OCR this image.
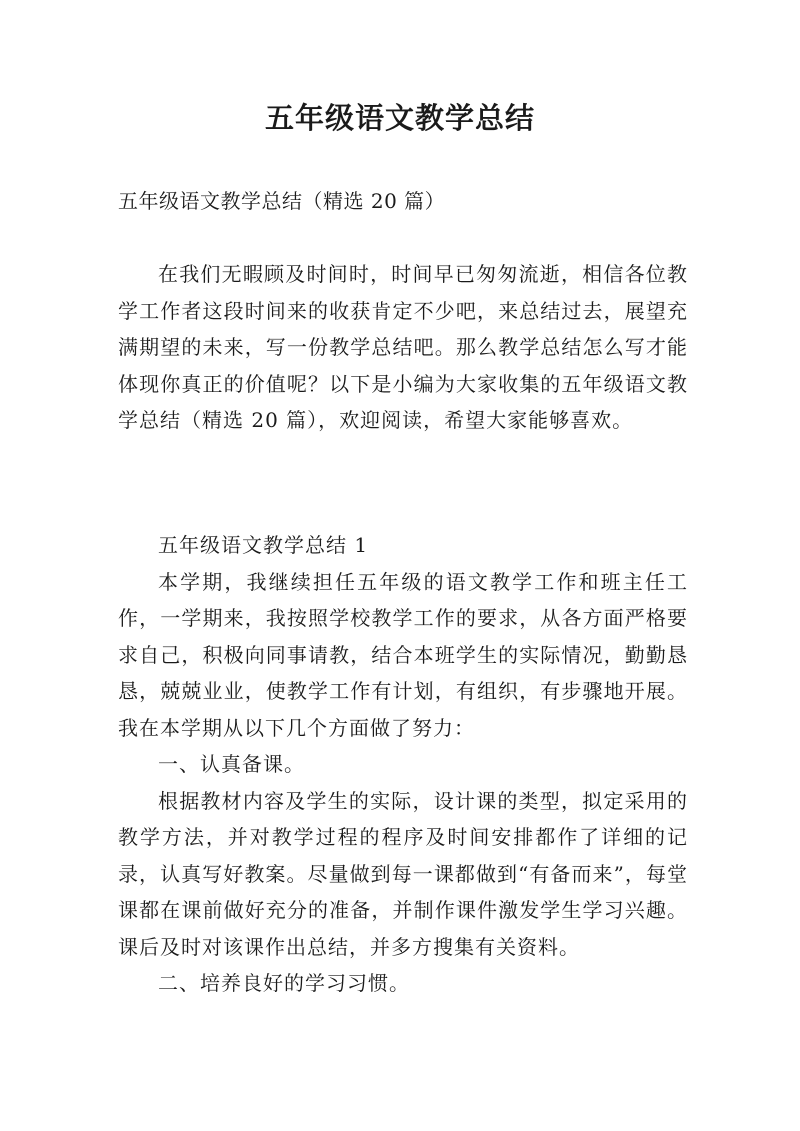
五年级语文教学总结
五年级语文教学总结（精选 20 篇）

在我们无暇顾及时间时，时间早已匆匆流逝，相信各位教学工作者这段时间来的收获肯定不少吧，来总结过去，展望充满期望的未来，写一份教学总结吧。那么教学总结怎么写才能体现你真正的价值呢？以下是小编为大家收集的五年级语文教学总结（精选 20 篇），欢迎阅读，希望大家能够喜欢。

五年级语文教学总结 1

本学期，我继续担任五年级的语文教学工作和班主任工作，一学期来，我按照学校教学工作的要求，从各方面严格要求自己，积极向同事请教，结合本班学生的实际情况，勤勤恳恳，兢兢业业，使教学工作有计划，有组织，有步骤地开展。我在本学期从以下几个方面做了努力：

一、认真备课。

根据教材内容及学生的实际，设计课的类型，拟定采用的教学方法，并对教学过程的程序及时间安排都作了详细的记录，认真写好教案。尽量做到每一课都做到“有备而来”，每堂课都在课前做好充分的准备，并制作课件激发学生学习兴趣。课后及时对该课作出总结，并多方搜集有关资料。

二、培养良好的学习习惯。
